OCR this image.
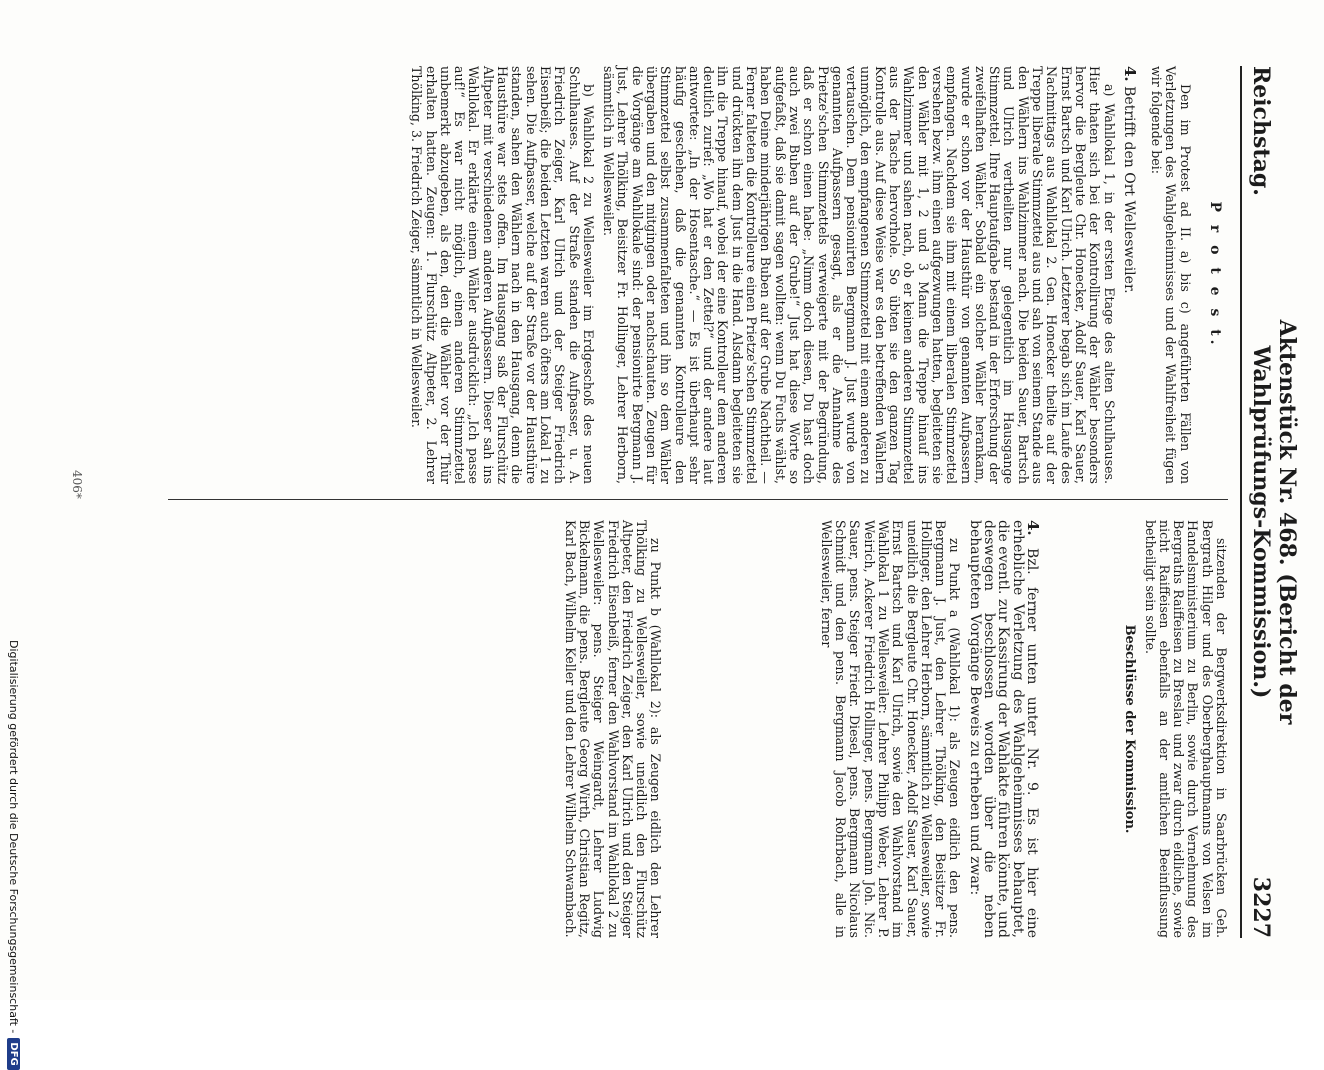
Reichstag.
Aktenstück Nr. 468. (Bericht der Wahlprüfungs-Kommission.)
3227
P r o t e s t.

Den im Protest ad II. a) bis c) angeführten Fällen von Verletzungen des Wahlgeheimnisses und der Wahlfreiheit fügen wir folgende bei:

4. Betrifft den Ort Wellesweiler.

a) Wahllokal 1, in der ersten Etage des alten Schulhauses. Hier thaten sich bei der Kontrollirung der Wähler besonders hervor die Bergleute Chr. Honecker, Adolf Sauer, Karl Sauer, Ernst Bartsch und Karl Ulrich. Letzterer begab sich im Laufe des Nachmittags aus Wahllokal 2. Gen. Honecker theilte auf der Treppe liberale Stimmzettel aus und sah von seinem Stande aus den Wählern ins Wahlzimmer nach. Die beiden Sauer, Bartsch und Ulrich vertheilten nur gelegentlich im Hausgange Stimmzettel. Ihre Hauptaufgabe bestand in der Erforschung der zweifelhaften Wähler. Sobald ein solcher Wähler herankam, wurde er schon vor der Hausthür von genannten Aufpassern empfangen. Nachdem sie ihm mit einem liberalen Stimmzettel versehen bezw. ihm einen aufgezwungen hatten, begleiteten sie den Wähler mit 1, 2 und 3 Mann die Treppe hinauf ins Wahlzimmer und sahen nach, ob er keinen anderen Stimmzettel aus der Tasche hervorhole. So übten sie den ganzen Tag Kontrolle aus. Auf diese Weise war es den betreffenden Wählern unmöglich, den empfangenen Stimmzettel mit einem anderen zu vertauschen. Dem pensionirten Bergmann J. Just wurde von genannten Aufpassern gesagt, als er die Annahme des Prietze'schen Stimmzettels verweigerte mit der Begründung, daß er schon einen habe: „Nimm doch diesen, Du hast doch auch zwei Buben auf der Grube!“ Just hat diese Worte so aufgefaßt, daß sie damit sagen wollten: wenn Du Fuchs wählst, haben Deine minderjährigen Buben auf der Grube Nachtheil. — Ferner falteten die Kontrolleure einen Prietze'schen Stimmzettel und drückten ihn dem Just in die Hand. Alsdann begleiteten sie ihn die Treppe hinauf, wobei der eine Kontrolleur dem anderen deutlich zurief: „Wo hat er den Zettel?“ und der andere laut antwortete: „In der Hosentasche.“ — Es ist überhaupt sehr häufig geschehen, daß die genannten Kontrolleure den Stimmzettel selbst zusammenfalteten und ihn so dem Wähler übergaben und den mitgingen oder nachschauten. Zeugen für die Vorgänge am Wahllokale sind: der pensionirte Bergmann J. Just, Lehrer Thölking, Beisitzer Fr. Hollinger, Lehrer Herborn, sämmtlich in Wellesweiler.

b) Wahllokal 2 zu Wellesweiler im Erdgeschoß des neuen Schulhauses. Auf der Straße standen die Aufpasser, u. A. Friedrich Zeiger, Karl Ulrich und der Steiger Friedrich Eisenbeiß; die beiden Letzten waren auch öfters am Lokal 1 zu sehen. Die Aufpasser, welche auf der Straße vor der Hausthüre standen, sahen den Wählern nach in den Hausgang, denn die Hausthüre war stets offen. Im Hausgang saß der Flurschütz Altpeter mit verschiedenen anderen Aufpassern. Dieser sah ins Wahllokal. Er erklärte einem Wähler ausdrücklich: „Ich passe auf!“ Es war nicht möglich, einen anderen Stimmzettel unbemerkt abzugeben, als den, den die Wähler vor der Thür erhalten hatten. Zeugen: 1. Flurschütz Altpeter, 2. Lehrer Thölking, 3. Friedrich Zeiger, sämmtlich in Wellesweiler.

sitzenden der Bergwerksdirektion in Saarbrücken Geh. Bergrath Hilger und des Oberberghauptmanns von Velsen im Handelsministerium zu Berlin, sowie durch Vernehmung des Bergraths Raiffeisen zu Breslau und zwar durch eidliche, sowie nicht Raiffeisen ebenfalls an der amtlichen Beeinflussung betheiligt sein sollte.

Beschlüsse der Kommission.
4. Bzl. ferner unten unter Nr. 9. Es ist hier eine erhebliche Verletzung des Wahlgeheimnisses behauptet, die eventl. zur Kassirung der Wahlakte führen könnte, und deswegen beschlossen worden über die neben behaupteten Vorgänge Beweis zu erheben und zwar:

zu Punkt a (Wahllokal 1): als Zeugen eidlich den pens. Bergmann J. Just, den Lehrer Thölking, den Beisitzer Fr. Hollinger, den Lehrer Herborn, sämmtlich zu Wellesweiler, sowie uneidlich die Bergleute Chr. Honecker, Adolf Sauer, Karl Sauer, Ernst Bartsch und Karl Ulrich, sowie den Wahlvorstand im Wahllokal 1 zu Wellesweiler: Lehrer Philipp Weber, Lehrer P. Weirich, Ackerer Friedrich Hollinger, pens. Bergmann Joh. Nic. Sauer, pens. Steiger Friedr. Diesel, pens. Bergmann Nicolaus Schmidt und den pens. Bergmann Jacob Rohrbach, alle in Wellesweiler, ferner

zu Punkt b (Wahllokal 2): als Zeugen eidlich den Lehrer Thölking zu Wellesweiler, sowie uneidlich den Flurschütz Altpeter, den Friedrich Zeiger, den Karl Ulrich und den Steiger Friedrich Eisenbeiß, ferner den Wahlvorstand im Wahllokal 2 zu Wellesweiler: pens. Steiger Weingardt, Lehrer Ludwig Bickelmann, die pens. Bergleute Georg Wirth, Christian Regitz, Karl Bach, Wilhelm Keller und den Lehrer Wilhelm Schwambach.

406*
Digitalisierung gefördert durch die Deutsche Forschungsgemeinschaft -
DFG
